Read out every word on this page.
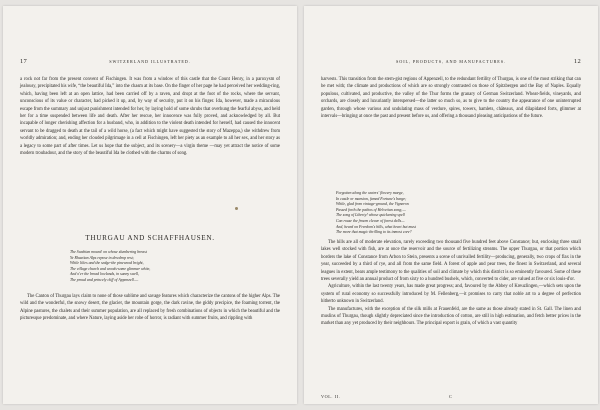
17	SWITZERLAND ILLUSTRATED.

a rock not far from the present convent of Fischingen. It was from a window of this castle that the Count Henry, in a paroxysm of jealousy, precipitated his wife, “the beautiful Ida,” into the chasm at its base. On the finger of her page he had perceived her wedding-ring, which, having been left at an open lattice, had been carried off by a raven, and dropt at the foot of the rocks, where the servant, unconscious of its value or character, had picked it up, and, by way of security, put it on his finger. Ida, however, made a miraculous escape from the summary and unjust punishment intended for her, by laying hold of some shrubs that overhung the fearful abyss, and held her for a time suspended between life and death. After her rescue, her innocence was fully proved, and acknowledged by all. But incapable of longer cherishing affection for a husband, who, in addition to the violent death intended for herself, had caused the innocent servant to be dragged to death at the tail of a wild horse, (a fact which might have suggested the story of Mazeppa,) she withdrew from worldly admiration; and, ending her clouded pilgrimage in a cell at Fischingen, left her piety as an example to all her sex, and her story as a legacy to some part of after times. Let us hope that the subject, and its scenery—a virgin theme —may yet attract the notice of some modern troubadour, and the story of the beautiful Ida be clothed with the charms of song.

THURGAU AND SCHAFFHAUSEN.
The Swabian mount! on whose slumbering breast
Ye Rhaetian Alps repose in dewdrop rest;
While lilies and the sedge-the pinewood bright,
The village church and woods-some glimmer white,
And o'er the broad lowlands, in sunny swell,
The proud and princely cliff of Appenzell.—

The Canton of Thurgau lays claim to none of those sublime and savage features which characterize the cantons of the higher Alps. The wild and the wonderful, the snowy desert, the glacier, the mountain gorge, the dark ravine, the giddy precipice, the foaming torrent, the Alpine pastures, the chalets and their summer population, are all replaced by fresh combinations of objects in which the beautiful and the picturesque predominate, and where Nature, laying aside her robe of horror, is radiant with summer fruits, and rippling with

SOIL, PRODUCTS, AND MANUFACTURES.	12

harvests. This transition from the stern-gist regions of Appenzell, to the redundant fertility of Thurgau, is one of the most striking that can be met with; the climate and productions of which are so strongly contrasted on those of Spitzbergen and the Bay of Naples. Equally populous, cultivated, and productive, the valley of the Thur forms the granary of German Switzerland. Wheat-fields, vineyards, and orchards, are closely and luxuriantly interspersed—the latter so much so, as to give to the country the appearance of one uninterrupted garden, through whose various and undulating mass of verdure, spires, towers, hamlets, châteaux, and dilapidated forts, glimmer at intervals—bringing at once the past and present before us, and offering a thousand pleasing anticipations of the future.

Forgotten along the waters' flowery marge,
In castle or mansion, famed Fortune's barge;
While, glad from vintage-ground, the Vigneron
Passed forth the pathos of Helvetian song;—
The song of Liberty! whose quickening spell
Can rouse the frozen cleave of forest dells—
And, heard on Freedom's hills, what heart but must
The more that magic thrilling to its inmost core?

The hills are all of moderate elevation, rarely exceeding two thousand five hundred feet above Constance; but, enclosing three small lakes well stocked with fish, are at once the reservoir and the source of fertilizing streams. The upper Thurgau, or that portion which borders the lake of Constance from Arbon to Stein, presents a scene of unrivalled fertility—producing, generally, two crops of flax in the year, succeeded by a third of rye, and all from the same field. A forest of apple and pear trees, the finest in Switzerland, and several leagues in extent, bears ample testimony to the qualities of soil and climate by which this district is so eminently favoured. Some of these trees severally yield an annual product of from sixty to a hundred bushels, which, converted to cider, are valued at five or six louis-d'or.

Agriculture, within the last twenty years, has made great progress; and, favoured by the Abbey of Kreuzlingen,—which sets upon the system of rural economy so successfully introduced by M. Fellenberg,—it promises to carry that noble art to a degree of perfection hitherto unknown in Switzerland.

The manufactures, with the exception of the silk mills at Frauenfeld, are the same as those already stated in St. Gall. The linen and muslins of Thurgau, though slightly depreciated since the introduction of cotton, are still in high estimation, and fetch better prices in the market than any yet produced by their neighbours. The principal export is grain, of which a vast quantity

VOL. II.	C
